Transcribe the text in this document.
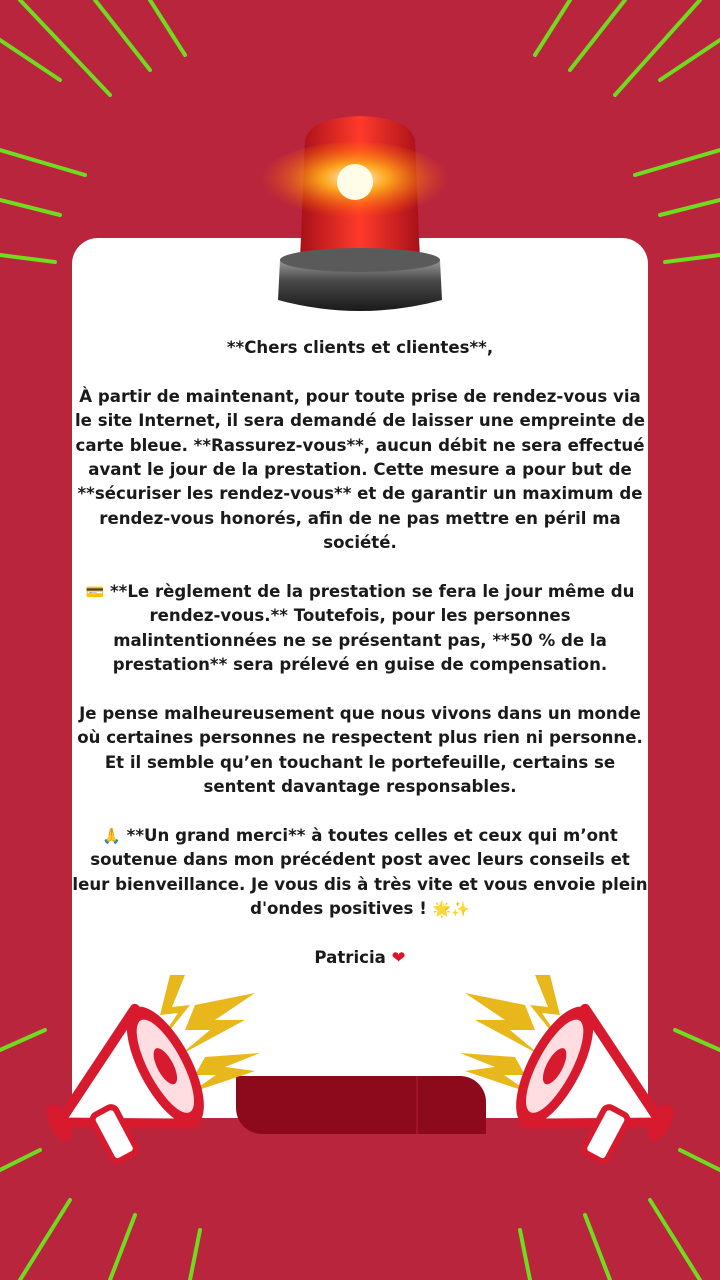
**Chers clients et clientes**,

À partir de maintenant, pour toute prise de rendez-vous via le site Internet, il sera demandé de laisser une empreinte de carte bleue. **Rassurez-vous**, aucun débit ne sera effectué avant le jour de la prestation. Cette mesure a pour but de **sécuriser les rendez-vous** et de garantir un maximum de rendez-vous honorés, afin de ne pas mettre en péril ma société.

💳 **Le règlement de la prestation se fera le jour même du rendez-vous.** Toutefois, pour les personnes malintentionnées ne se présentant pas, **50 % de la prestation** sera prélevé en guise de compensation.

Je pense malheureusement que nous vivons dans un monde où certaines personnes ne respectent plus rien ni personne. Et il semble qu’en touchant le portefeuille, certains se sentent davantage responsables.

🙏 **Un grand merci** à toutes celles et ceux qui m’ont soutenue dans mon précédent post avec leurs conseils et leur bienveillance. Je vous dis à très vite et vous envoie plein d'ondes positives ! 🌟✨

Patricia ❤
